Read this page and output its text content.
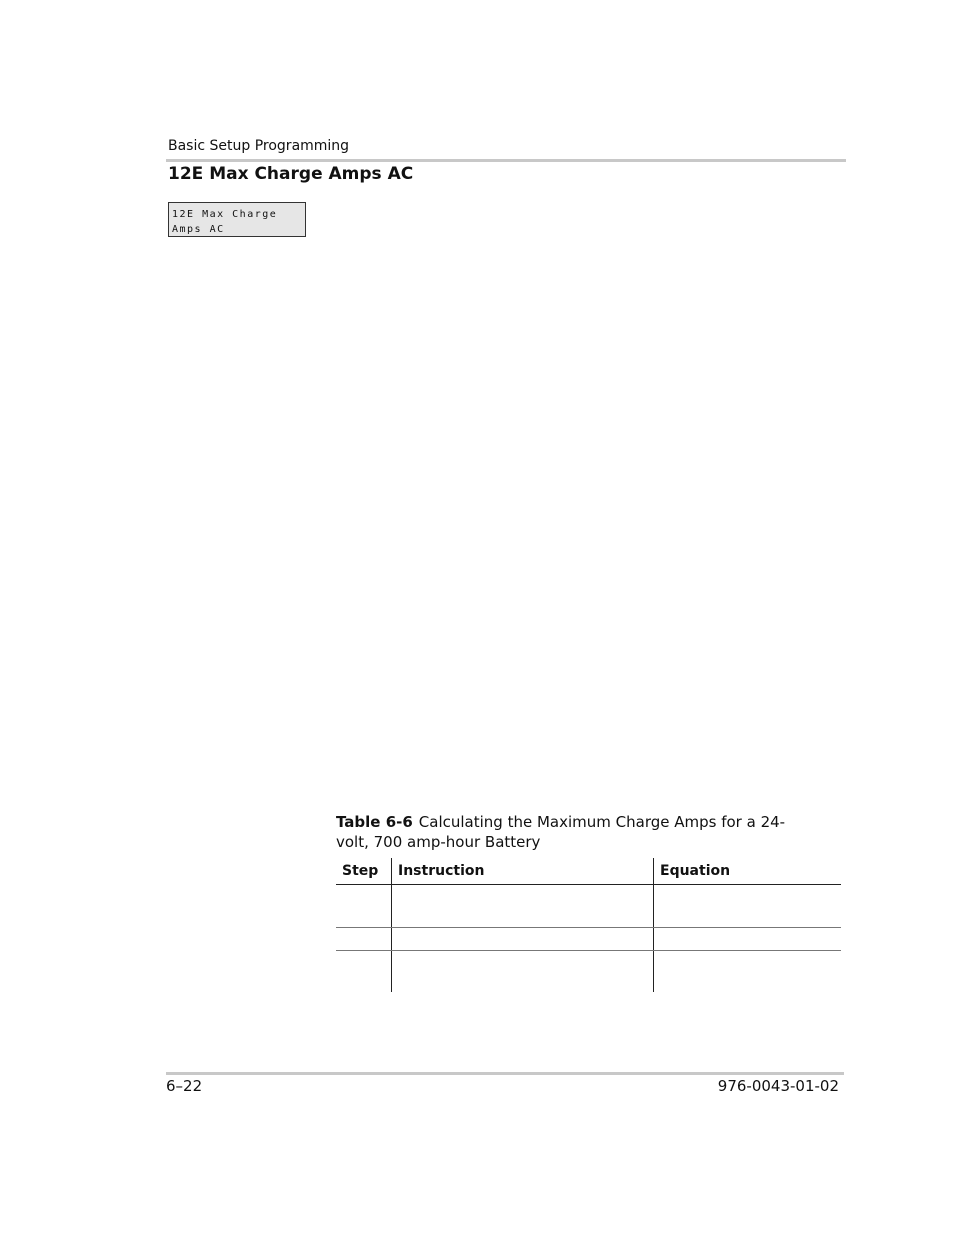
Basic Setup Programming
12E Max Charge Amps AC
12E Max Charge
Amps AC
Table 6-6 Calculating the Maximum Charge Amps for a 24-volt, 700 amp-hour Battery
Step	Instruction	Equation

6–22	976-0043-01-02
